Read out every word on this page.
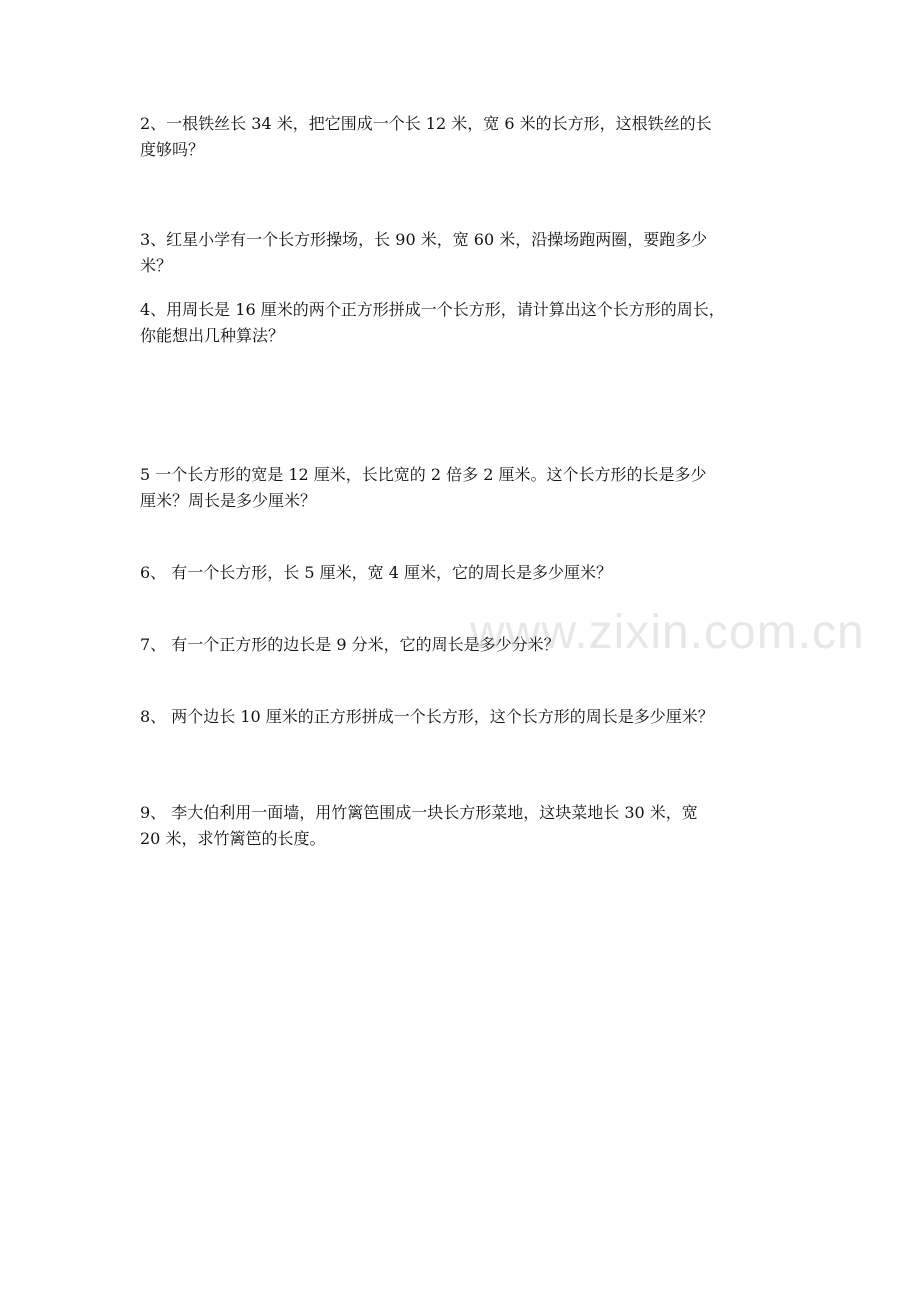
2、一根铁丝长 34 米，把它围成一个长 12 米，宽 6 米的长方形，这根铁丝的长
度够吗？
3、红星小学有一个长方形操场，长 90 米，宽 60 米，沿操场跑两圈，要跑多少
米？
4、用周长是 16 厘米的两个正方形拼成一个长方形，请计算出这个长方形的周长，
你能想出几种算法？
5 一个长方形的宽是 12 厘米，长比宽的 2 倍多 2 厘米。这个长方形的长是多少
厘米？周长是多少厘米？
6、 有一个长方形，长 5 厘米，宽 4 厘米，它的周长是多少厘米？
7、 有一个正方形的边长是 9 分米，它的周长是多少分米？
8、 两个边长 10 厘米的正方形拼成一个长方形，这个长方形的周长是多少厘米？
9、 李大伯利用一面墙，用竹篱笆围成一块长方形菜地，这块菜地长 30 米，宽
20 米，求竹篱笆的长度。
www.zixin.com.cn
